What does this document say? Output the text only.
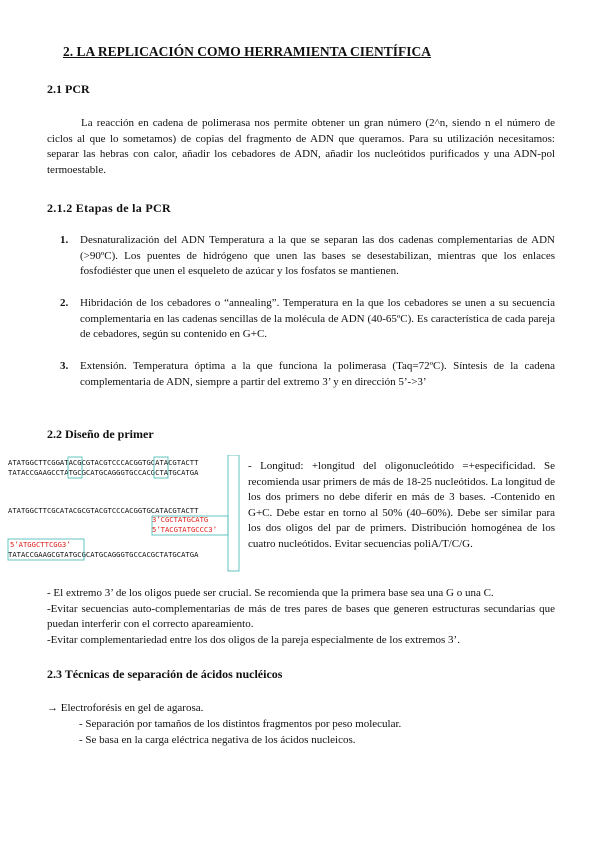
2. LA REPLICACIÓN COMO HERRAMIENTA CIENTÍFICA
2.1 PCR
La reacción en cadena de polimerasa nos permite obtener un gran número (2^n, siendo n el número de ciclos al que lo sometamos) de copias del fragmento de ADN que queramos. Para su utilización necesitamos: separar las hebras con calor, añadir los cebadores de ADN, añadir los nucleótidos purificados y una ADN-pol termoestable.
2.1.2 Etapas de la PCR
1. Desnaturalización del ADN Temperatura a la que se separan las dos cadenas complementarias de ADN (>90ºC). Los puentes de hidrógeno que unen las bases se desestabilizan, mientras que los enlaces fosfodiéster que unen el esqueleto de azúcar y los fosfatos se mantienen.
2. Hibridación de los cebadores o “annealing”. Temperatura en la que los cebadores se unen a su secuencia complementaria en las cadenas sencillas de la molécula de ADN (40-65ºC). Es característica de cada pareja de cebadores, según su contenido en G+C.
3. Extensión. Temperatura óptima a la que funciona la polimerasa (Taq=72ºC). Síntesis de la cadena complementaria de ADN, siempre a partir del extremo 3’ y en dirección 5’->3’
2.2 Diseño de primer
ATATGGCTTCGGATACGCGTACGTCCCACGGTGCATACGTACTT
TATACCGAAGCCTATGCGCATGCAGGGTGCCACGCTATGCATGA
ATATGGCTTCGCATACGCGTACGTCCCACGGTGCATACGTACTT
3’CGCTATGCATG
5’TACGTATGCCC3’
5’ATGGCTTCGG3’
TATACCGAAGCGTATGCGCATGCAGGGTGCCACGCTATGCATGA
- Longitud: +longitud del oligonucleótido =+especificidad. Se recomienda usar primers de más de 18-25 nucleótidos. La longitud de los dos primers no debe diferir en más de 3 bases. -Contenido en G+C. Debe estar en torno al 50% (40–60%). Debe ser similar para los dos oligos del par de primers. Distribución homogénea de los cuatro nucleótidos. Evitar secuencias poliA/T/C/G.
- El extremo 3’ de los oligos puede ser crucial. Se recomienda que la primera base sea una G o una C.
-Evitar secuencias auto-complementarias de más de tres pares de bases que generen estructuras secundarias que puedan interferir con el correcto apareamiento.
-Evitar complementariedad entre los dos oligos de la pareja especialmente de los extremos 3’.
2.3 Técnicas de separación de ácidos nucléicos
→ Electroforésis en gel de agarosa.
- Separación por tamaños de los distintos fragmentos por peso molecular.
- Se basa en la carga eléctrica negativa de los ácidos nucleicos.
